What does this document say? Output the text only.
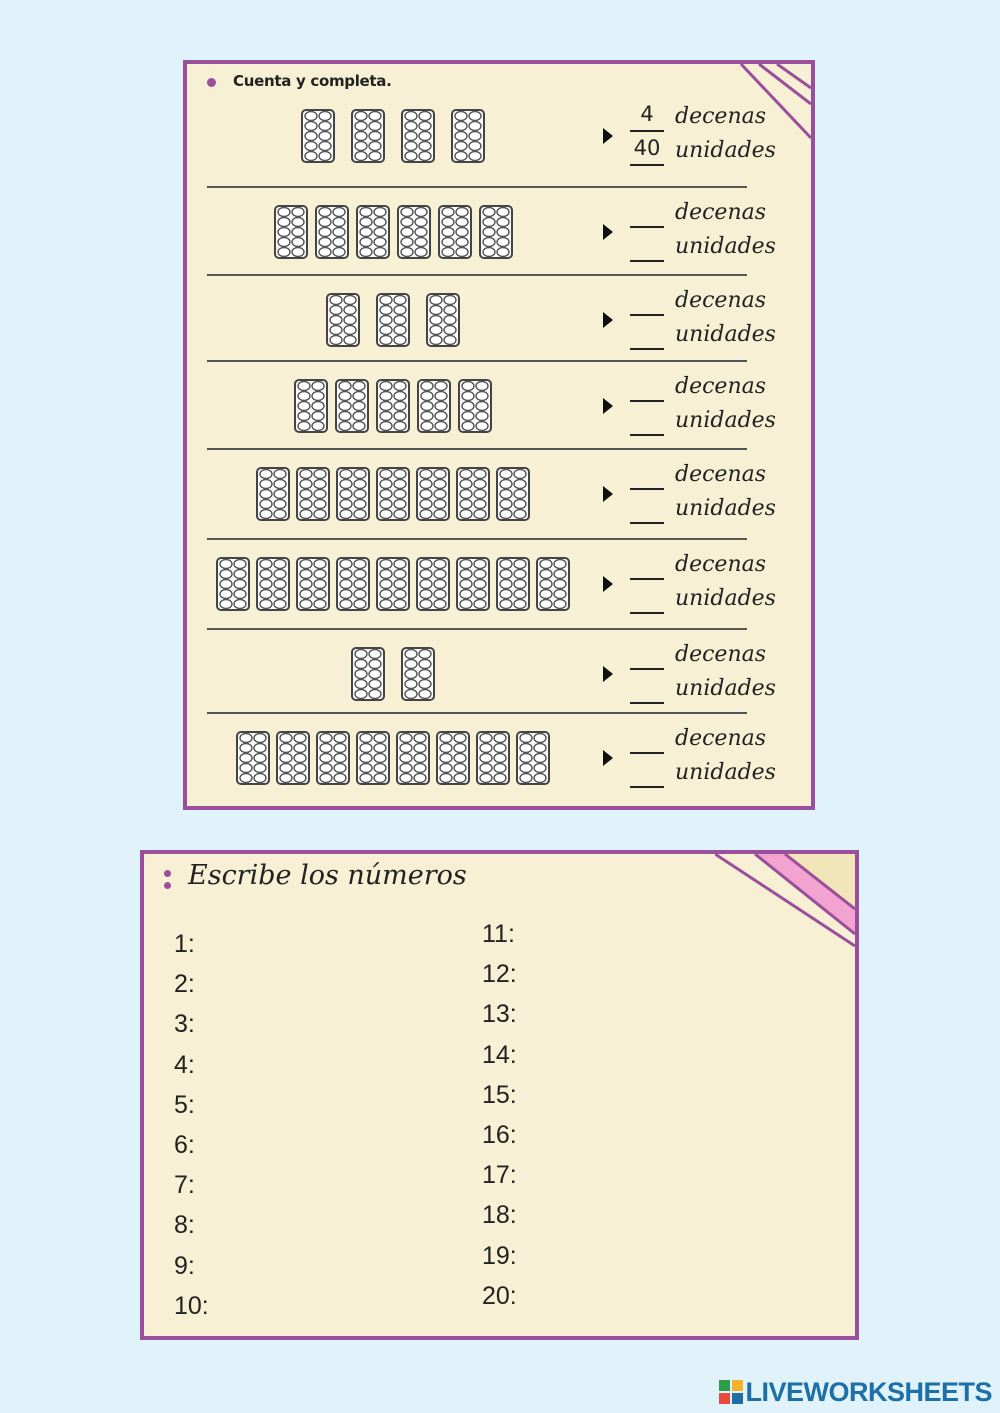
Cuenta y completa.
4
40
decenas
unidades
decenas
unidades
decenas
unidades
decenas
unidades
decenas
unidades
decenas
unidades
decenas
unidades
decenas
unidades
Escribe los números
1:
2:
3:
4:
5:
6:
7:
8:
9:
10:
11:
12:
13:
14:
15:
16:
17:
18:
19:
20:
LIVEWORKSHEETS
